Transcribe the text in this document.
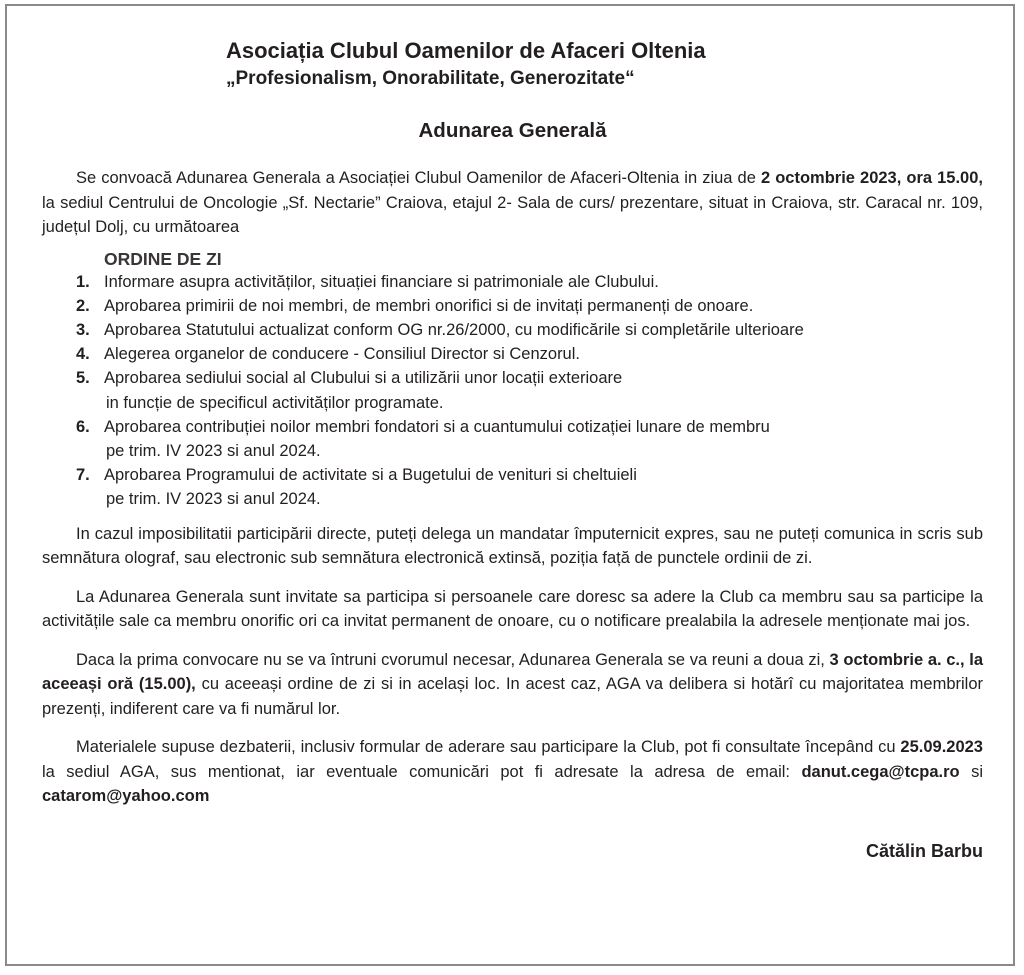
Asociația Clubul Oamenilor de Afaceri Oltenia
„Profesionalism, Onorabilitate, Generozitate“
Adunarea Generală

Se convoacă Adunarea Generala a Asociației Clubul Oamenilor de Afaceri-Oltenia in ziua de 2 octombrie 2023, ora 15.00, la sediul Centrului de Oncologie „Sf. Nectarie” Craiova, etajul 2- Sala de curs/ prezentare, situat in Craiova, str. Caracal nr. 109, județul Dolj, cu următoarea

ORDINE DE ZI
1. Informare asupra activităților, situației financiare si patrimoniale ale Clubului.
2. Aprobarea primirii de noi membri, de membri onorifici si de invitați permanenți de onoare.
3. Aprobarea Statutului actualizat conform OG nr.26/2000, cu modificările si completările ulterioare
4. Alegerea organelor de conducere - Consiliul Director si Cenzorul.
5. Aprobarea sediului social al Clubului si a utilizării unor locații exterioare
in funcție de specificul activităților programate.
6. Aprobarea contribuției noilor membri fondatori si a cuantumului cotizației lunare de membru
pe trim. IV 2023 si anul 2024.
7. Aprobarea Programului de activitate si a Bugetului de venituri si cheltuieli
pe trim. IV 2023 si anul 2024.

In cazul imposibilitatii participării directe, puteți delega un mandatar împuternicit expres, sau ne puteți comunica in scris sub semnătura olograf, sau electronic sub semnătura electronică extinsă, poziția față de punctele ordinii de zi.

La Adunarea Generala sunt invitate sa participa si persoanele care doresc sa adere la Club ca membru sau sa participe la activitățile sale ca membru onorific ori ca invitat permanent de onoare, cu o notificare prealabila la adresele menționate mai jos.

Daca la prima convocare nu se va întruni cvorumul necesar, Adunarea Generala se va reuni a doua zi, 3 octombrie a. c., la aceeași oră (15.00), cu aceeași ordine de zi si in același loc. In acest caz, AGA va delibera si hotărî cu majoritatea membrilor prezenți, indiferent care va fi numărul lor.

Materialele supuse dezbaterii, inclusiv formular de aderare sau participare la Club, pot fi consultate începând cu 25.09.2023 la sediul AGA, sus mentionat, iar eventuale comunicări pot fi adresate la adresa de email: danut.cega@tcpa.ro si catarom@yahoo.com

Cătălin Barbu
